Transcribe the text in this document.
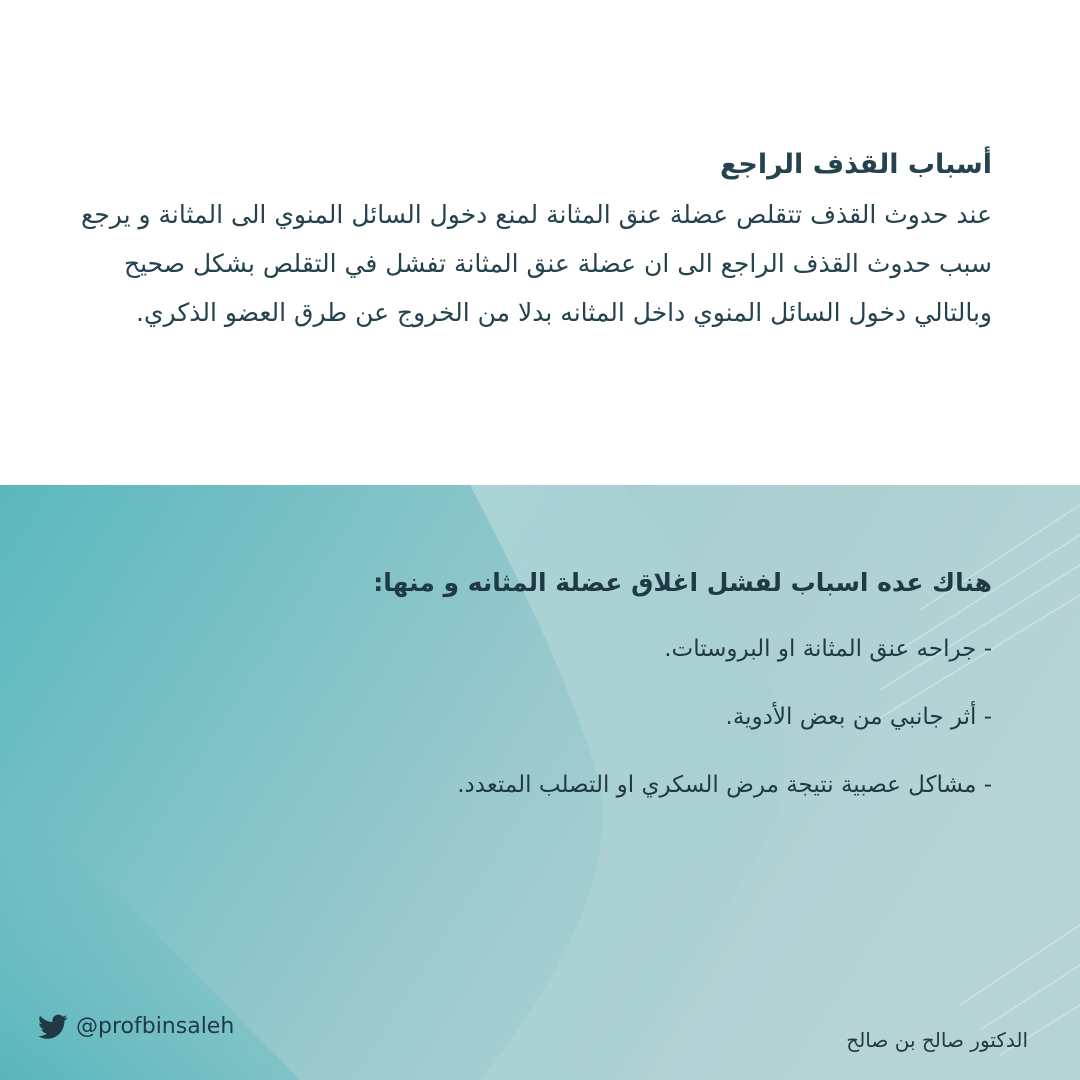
أسباب القذف الراجع

عند حدوث القذف تتقلص عضلة عنق المثانة لمنع دخول السائل المنوي الى المثانة و يرجع سبب حدوث القذف الراجع الى ان عضلة عنق المثانة تفشل في التقلص بشكل صحيح وبالتالي دخول السائل المنوي داخل المثانه بدلا من الخروج عن طرق العضو الذكري.

هناك عده اسباب لفشل اغلاق عضلة المثانه و منها:

- جراحه عنق المثانة او البروستات.

- أثر جانبي من بعض الأدوية.

- مشاكل عصبية نتيجة مرض السكري او التصلب المتعدد.

@profbinsaleh
الدكتور صالح بن صالح
